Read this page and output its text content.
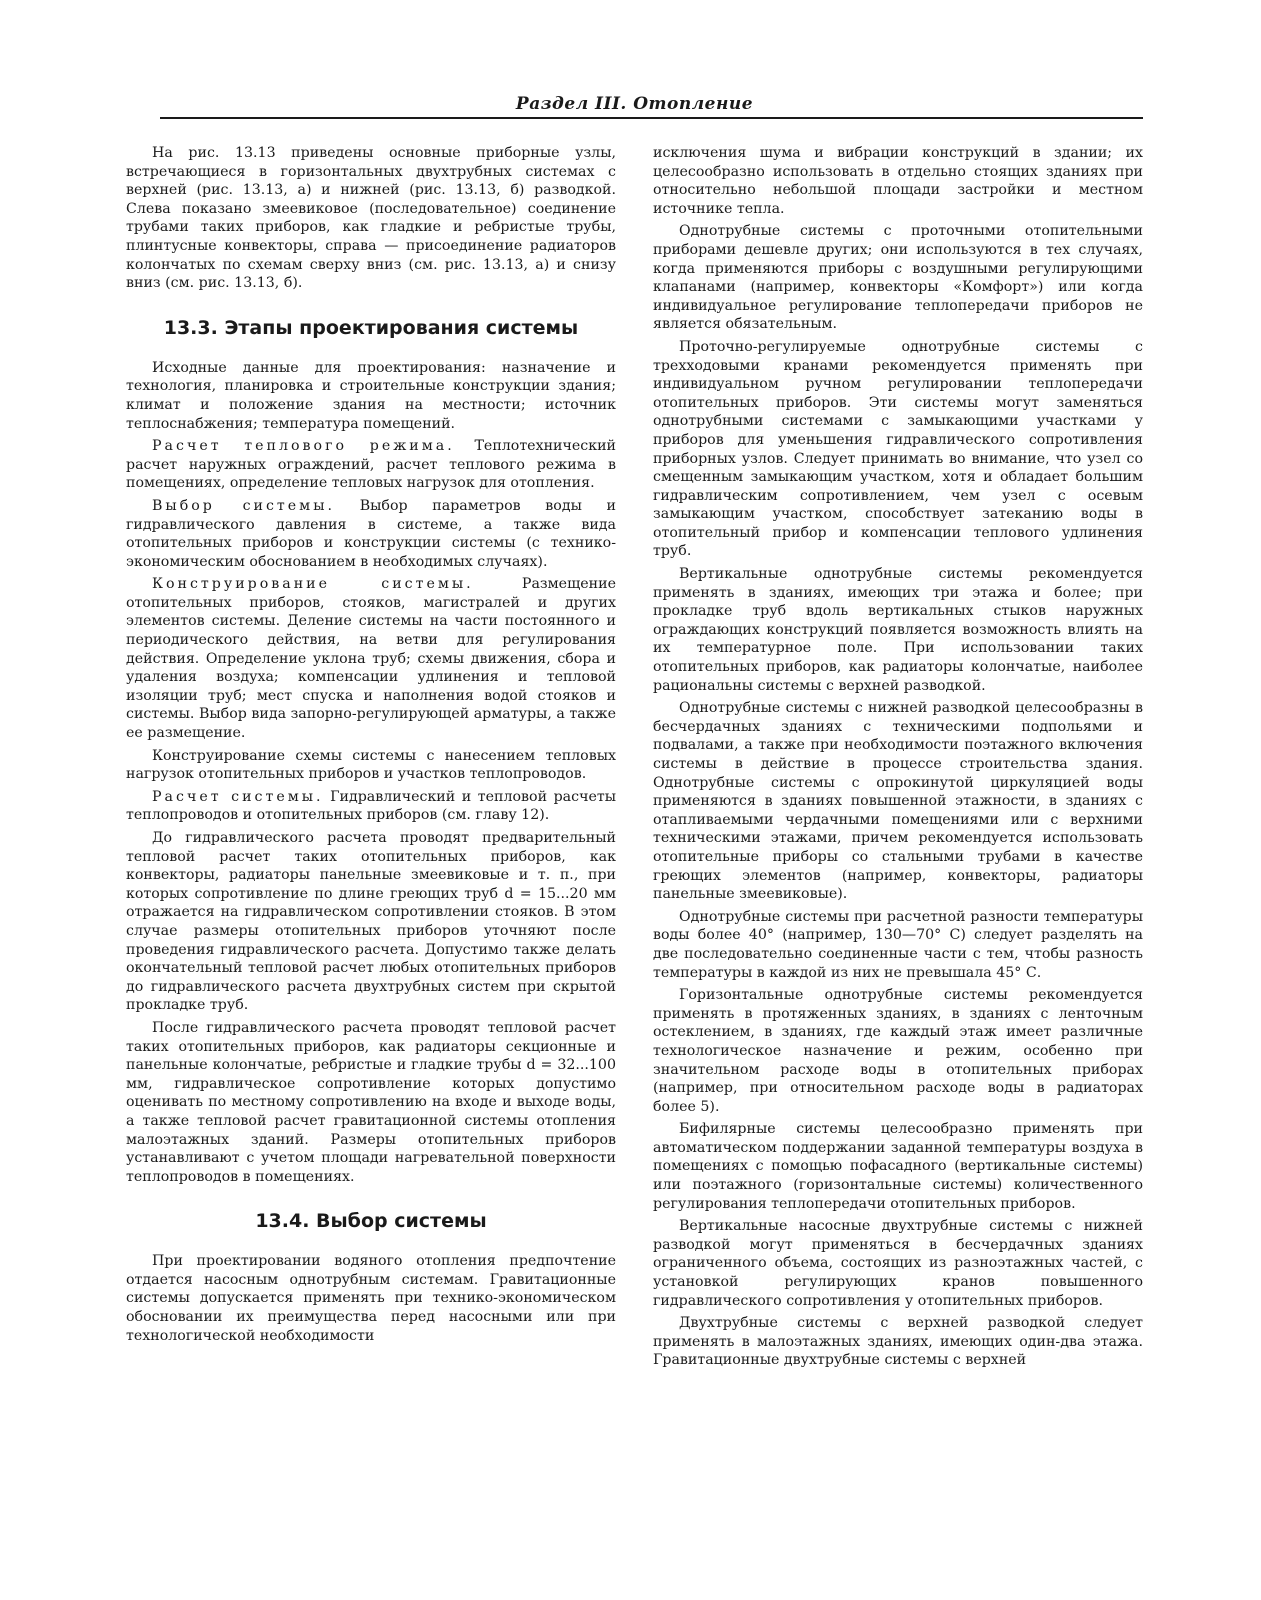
Раздел III. Отопление

На рис. 13.13 приведены основные приборные узлы, встречающиеся в горизонтальных двухтрубных системах с верхней (рис. 13.13, а) и нижней (рис. 13.13, б) разводкой. Слева показано змеевиковое (последовательное) соединение трубами таких приборов, как гладкие и ребристые трубы, плинтусные конвекторы, справа — присоединение радиаторов колончатых по схемам сверху вниз (см. рис. 13.13, а) и снизу вниз (см. рис. 13.13, б).

13.3. Этапы проектирования системы

Исходные данные для проектирования: назначение и технология, планировка и строительные конструкции здания; климат и положение здания на местности; источник теплоснабжения; температура помещений.

Расчет теплового режима. Теплотехнический расчет наружных ограждений, расчет теплового режима в помещениях, определение тепловых нагрузок для отопления.

Выбор системы. Выбор параметров воды и гидравлического давления в системе, а также вида отопительных приборов и конструкции системы (с технико-экономическим обоснованием в необходимых случаях).

Конструирование системы. Размещение отопительных приборов, стояков, магистралей и других элементов системы. Деление системы на части постоянного и периодического действия, на ветви для регулирования действия. Определение уклона труб; схемы движения, сбора и удаления воздуха; компенсации удлинения и тепловой изоляции труб; мест спуска и наполнения водой стояков и системы. Выбор вида запорно-регулирующей арматуры, а также ее размещение.

Конструирование схемы системы с нанесением тепловых нагрузок отопительных приборов и участков теплопроводов.

Расчет системы. Гидравлический и тепловой расчеты теплопроводов и отопительных приборов (см. главу 12).

До гидравлического расчета проводят предварительный тепловой расчет таких отопительных приборов, как конвекторы, радиаторы панельные змеевиковые и т. п., при которых сопротивление по длине греющих труб d = 15...20 мм отражается на гидравлическом сопротивлении стояков. В этом случае размеры отопительных приборов уточняют после проведения гидравлического расчета. Допустимо также делать окончательный тепловой расчет любых отопительных приборов до гидравлического расчета двухтрубных систем при скрытой прокладке труб.

После гидравлического расчета проводят тепловой расчет таких отопительных приборов, как радиаторы секционные и панельные колончатые, ребристые и гладкие трубы d = 32...100 мм, гидравлическое сопротивление которых допустимо оценивать по местному сопротивлению на входе и выходе воды, а также тепловой расчет гравитационной системы отопления малоэтажных зданий. Размеры отопительных приборов устанавливают с учетом площади нагревательной поверхности теплопроводов в помещениях.

13.4. Выбор системы

При проектировании водяного отопления предпочтение отдается насосным однотрубным системам. Гравитационные системы допускается применять при технико-экономическом обосновании их преимущества перед насосными или при технологической необходимости

исключения шума и вибрации конструкций в здании; их целесообразно использовать в отдельно стоящих зданиях при относительно небольшой площади застройки и местном источнике тепла.

Однотрубные системы с проточными отопительными приборами дешевле других; они используются в тех случаях, когда применяются приборы с воздушными регулирующими клапанами (например, конвекторы «Комфорт») или когда индивидуальное регулирование теплопередачи приборов не является обязательным.

Проточно-регулируемые однотрубные системы с трехходовыми кранами рекомендуется применять при индивидуальном ручном регулировании теплопередачи отопительных приборов. Эти системы могут заменяться однотрубными системами с замыкающими участками у приборов для уменьшения гидравлического сопротивления приборных узлов. Следует принимать во внимание, что узел со смещенным замыкающим участком, хотя и обладает большим гидравлическим сопротивлением, чем узел с осевым замыкающим участком, способствует затеканию воды в отопительный прибор и компенсации теплового удлинения труб.

Вертикальные однотрубные системы рекомендуется применять в зданиях, имеющих три этажа и более; при прокладке труб вдоль вертикальных стыков наружных ограждающих конструкций появляется возможность влиять на их температурное поле. При использовании таких отопительных приборов, как радиаторы колончатые, наиболее рациональны системы с верхней разводкой.

Однотрубные системы с нижней разводкой целесообразны в бесчердачных зданиях с техническими подпольями и подвалами, а также при необходимости поэтажного включения системы в действие в процессе строительства здания. Однотрубные системы с опрокинутой циркуляцией воды применяются в зданиях повышенной этажности, в зданиях с отапливаемыми чердачными помещениями или с верхними техническими этажами, причем рекомендуется использовать отопительные приборы со стальными трубами в качестве греющих элементов (например, конвекторы, радиаторы панельные змеевиковые).

Однотрубные системы при расчетной разности температуры воды более 40° (например, 130—70° С) следует разделять на две последовательно соединенные части с тем, чтобы разность температуры в каждой из них не превышала 45° С.

Горизонтальные однотрубные системы рекомендуется применять в протяженных зданиях, в зданиях с ленточным остеклением, в зданиях, где каждый этаж имеет различные технологическое назначение и режим, особенно при значительном расходе воды в отопительных приборах (например, при относительном расходе воды в радиаторах более 5).

Бифилярные системы целесообразно применять при автоматическом поддержании заданной температуры воздуха в помещениях с помощью пофасадного (вертикальные системы) или поэтажного (горизонтальные системы) количественного регулирования теплопередачи отопительных приборов.

Вертикальные насосные двухтрубные системы с нижней разводкой могут применяться в бесчердачных зданиях ограниченного объема, состоящих из разноэтажных частей, с установкой регулирующих кранов повышенного гидравлического сопротивления у отопительных приборов.

Двухтрубные системы с верхней разводкой следует применять в малоэтажных зданиях, имеющих один-два этажа. Гравитационные двухтрубные системы с верхней
